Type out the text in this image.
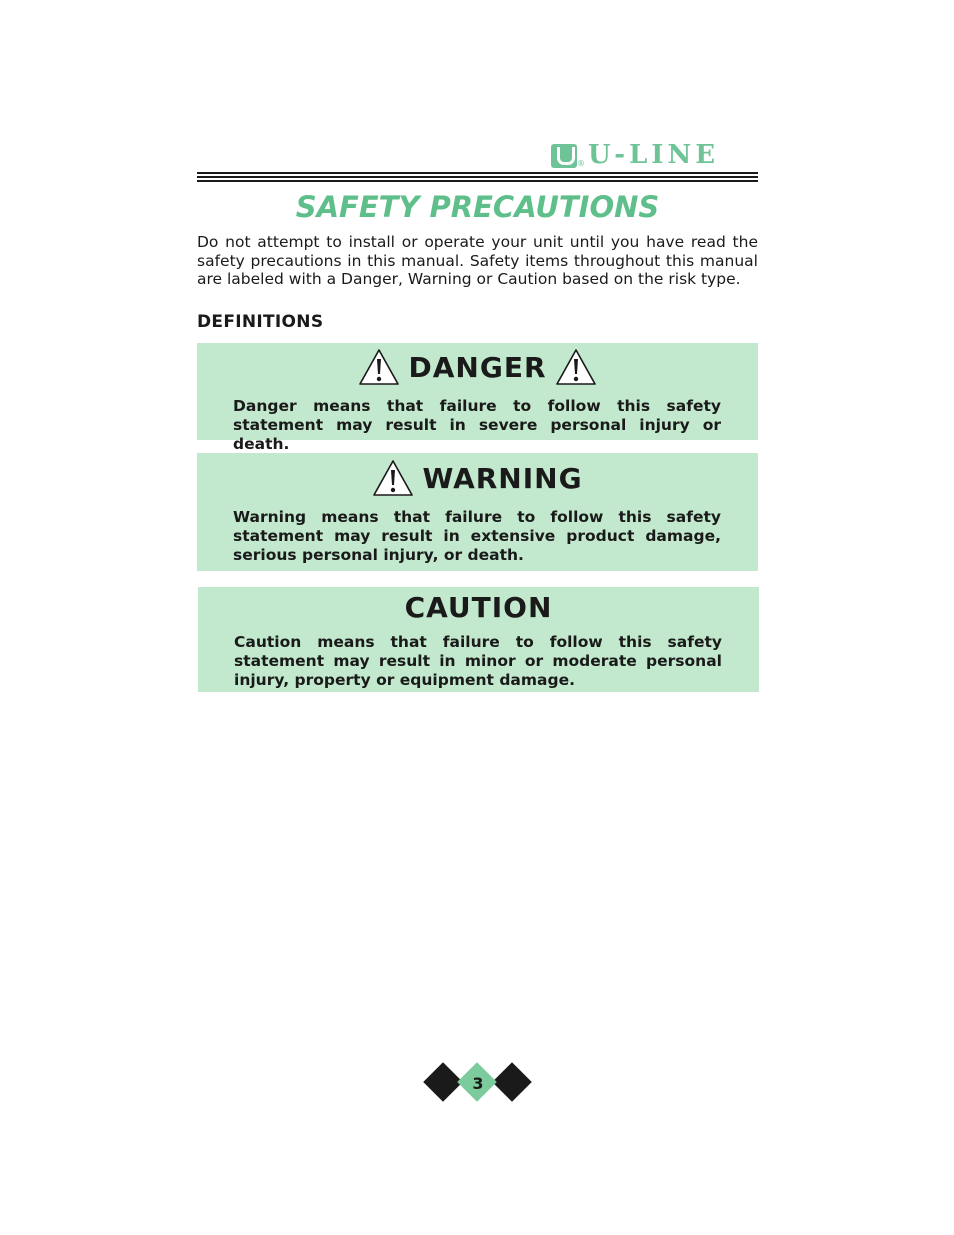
® U-LINE
SAFETY PRECAUTIONS

Do not attempt to install or operate your unit until you have read the safety precautions in this manual. Safety items throughout this manual are labeled with a Danger, Warning or Caution based on the risk type.

DEFINITIONS
DANGER

Danger means that failure to follow this safety statement may result in severe personal injury or death.

WARNING

Warning means that failure to follow this safety statement may result in extensive product damage, serious personal injury, or death.

CAUTION

Caution means that failure to follow this safety statement may result in minor or moderate personal injury, property or equipment damage.

3
